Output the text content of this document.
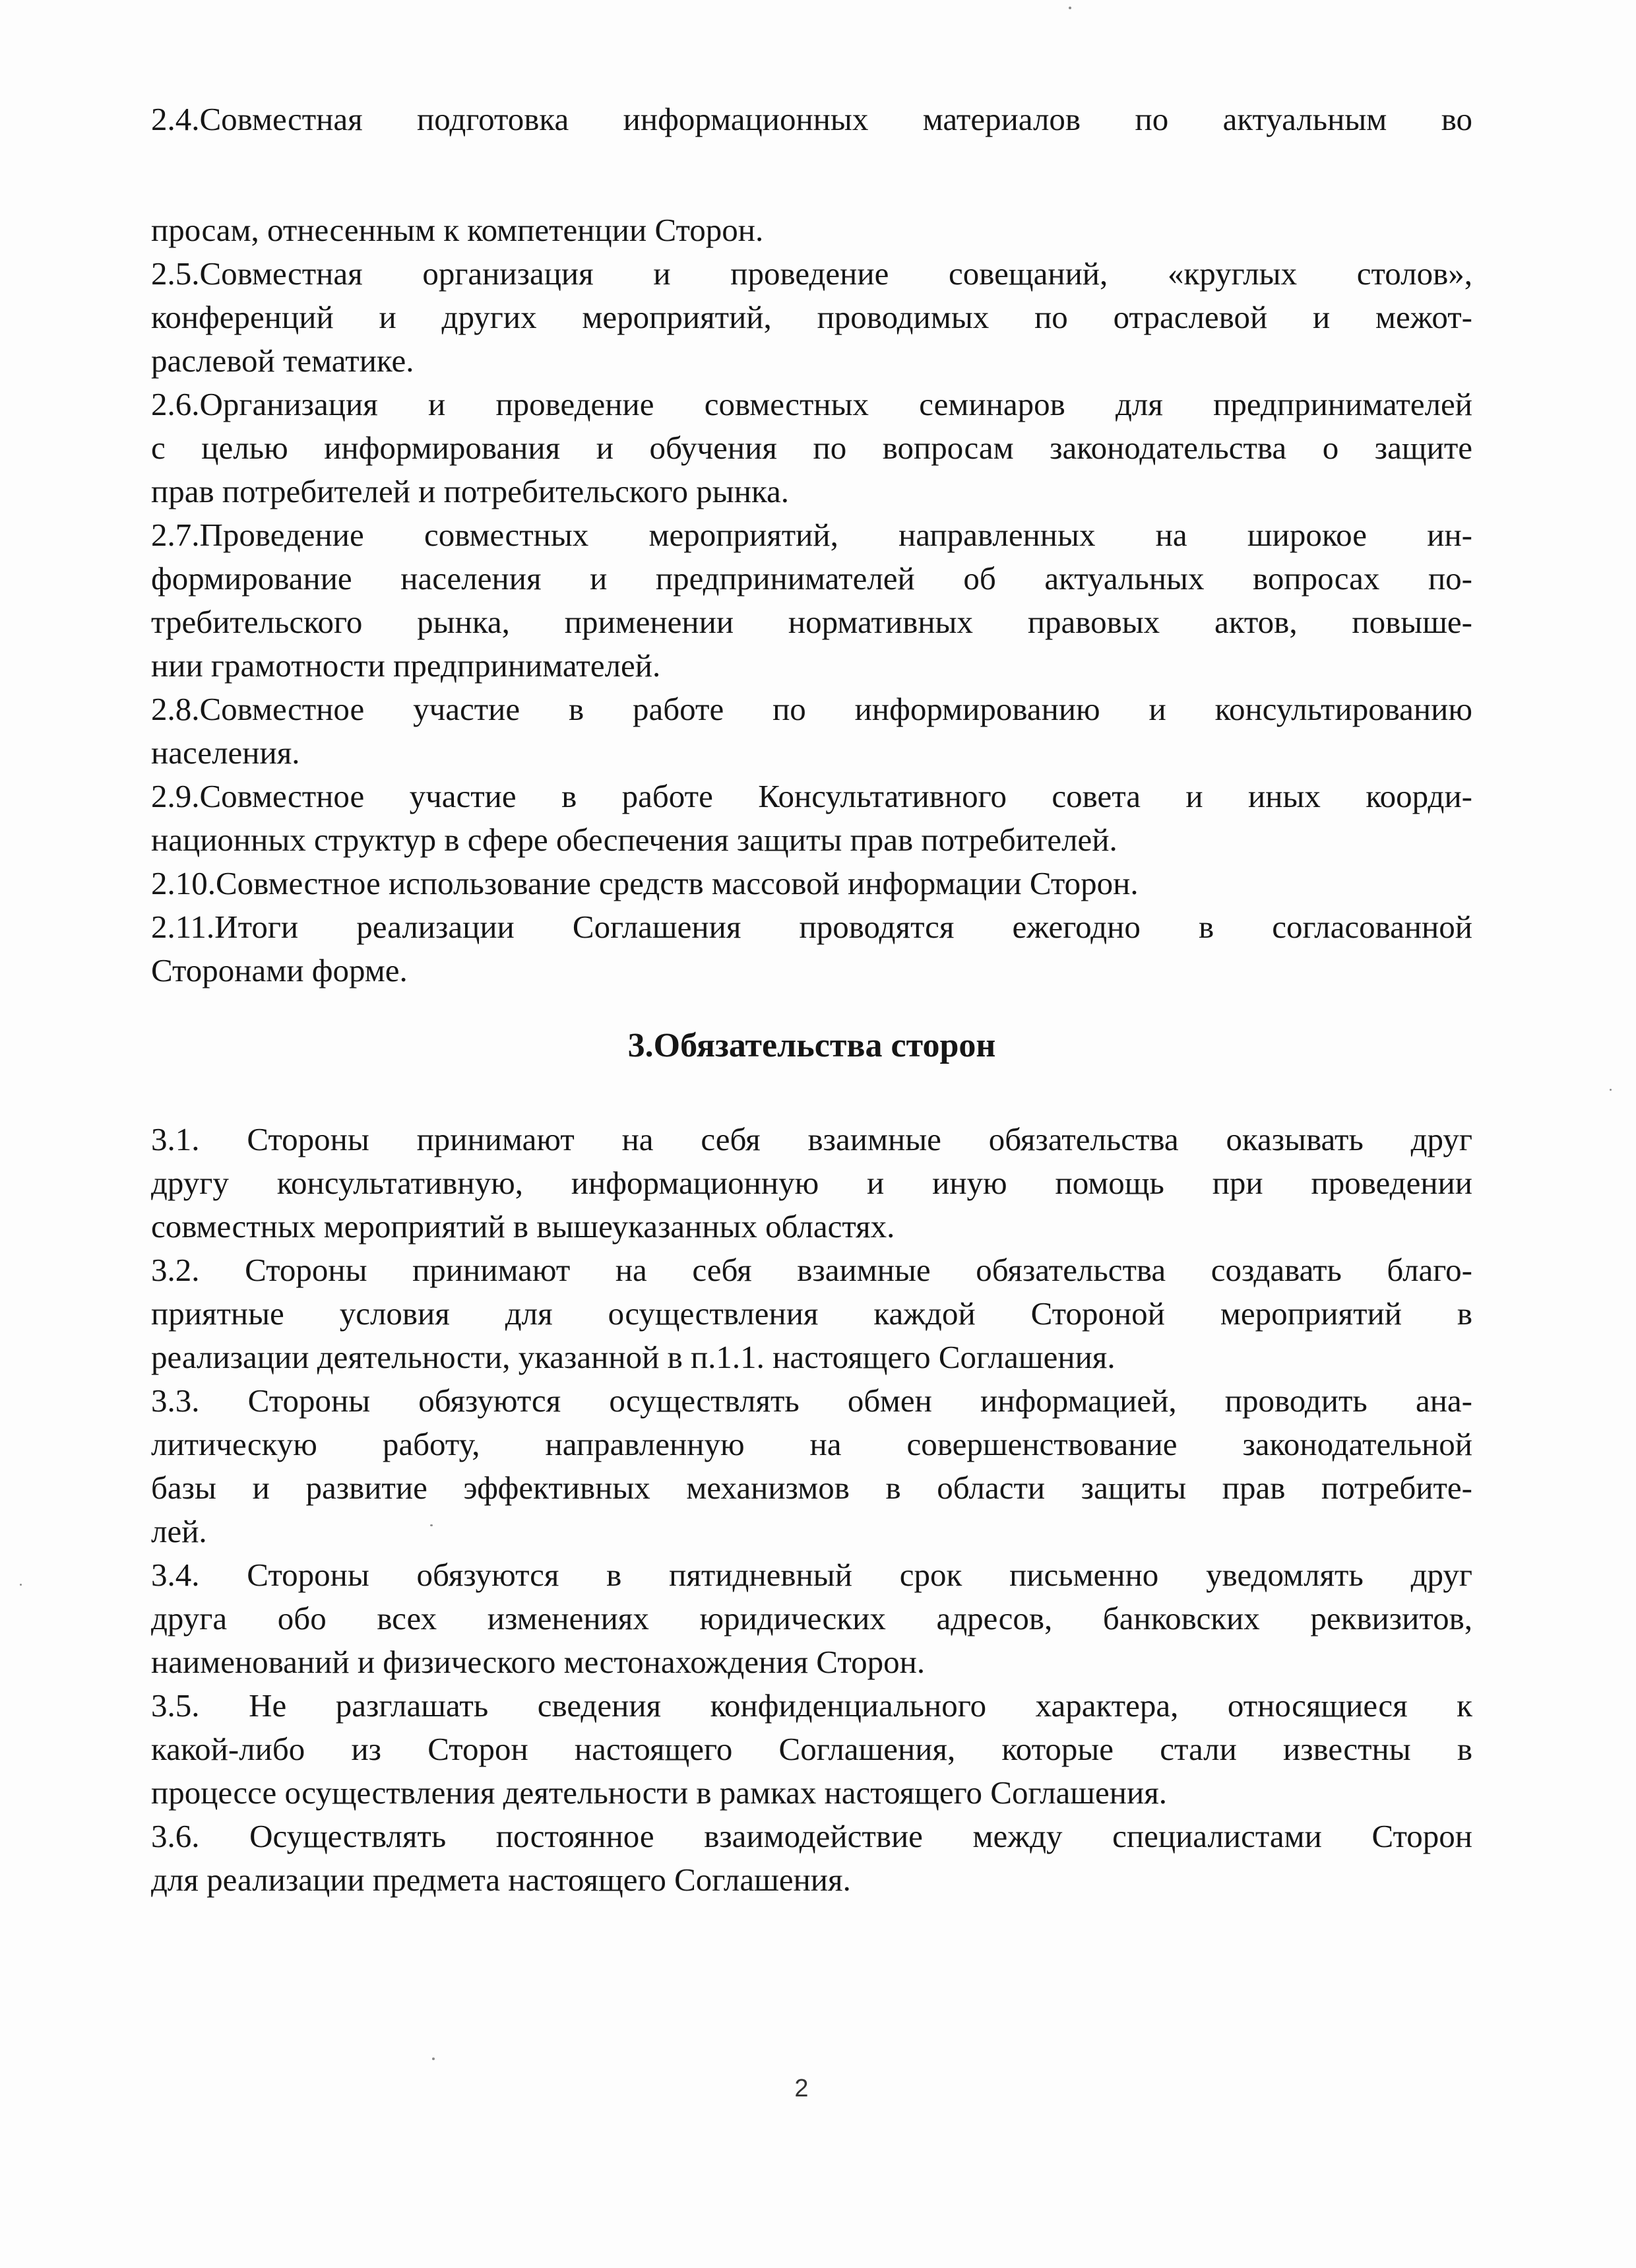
2.4.Совместная подготовка информационных материалов по актуальным во
просам, отнесенным к компетенции Сторон.
2.5.Совместная организация и проведение совещаний, «круглых столов»,
конференций и других мероприятий, проводимых по отраслевой и межот-
раслевой тематике.
2.6.Организация и проведение совместных семинаров для предпринимателей
с целью информирования и обучения по вопросам законодательства о защите
прав потребителей и потребительского рынка.
2.7.Проведение совместных мероприятий, направленных на широкое ин-
формирование населения и предпринимателей об актуальных вопросах по-
требительского рынка, применении нормативных правовых актов, повыше-
нии грамотности предпринимателей.
2.8.Совместное участие в работе по информированию и консультированию
населения.
2.9.Совместное участие в работе Консультативного совета и иных коорди-
национных структур в сфере обеспечения защиты прав потребителей.
2.10.Совместное использование средств массовой информации Сторон.
2.11.Итоги реализации Соглашения проводятся ежегодно в согласованной
Сторонами форме.
3.Обязательства сторон
3.1. Стороны принимают на себя взаимные обязательства оказывать друг
другу консультативную, информационную и иную помощь при проведении
совместных мероприятий в вышеуказанных областях.
3.2. Стороны принимают на себя взаимные обязательства создавать благо-
приятные условия для осуществления каждой Стороной мероприятий в
реализации деятельности, указанной в п.1.1. настоящего Соглашения.
3.3. Стороны обязуются осуществлять обмен информацией, проводить ана-
литическую работу, направленную на совершенствование законодательной
базы и развитие эффективных механизмов в области защиты прав потребите-
лей.
3.4. Стороны обязуются в пятидневный срок письменно уведомлять друг
друга обо всех изменениях юридических адресов, банковских реквизитов,
наименований и физического местонахождения Сторон.
3.5. Не разглашать сведения конфиденциального характера, относящиеся к
какой-либо из Сторон настоящего Соглашения, которые стали известны в
процессе осуществления деятельности в рамках настоящего Соглашения.
3.6. Осуществлять постоянное взаимодействие между специалистами Сторон
для реализации предмета настоящего Соглашения.
2
